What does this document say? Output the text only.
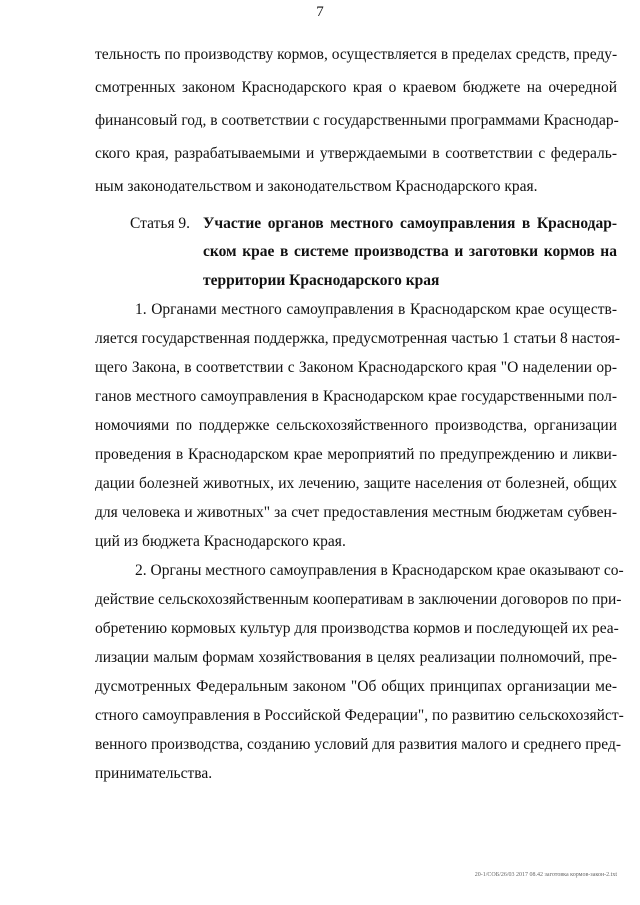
7
тельность по производству кормов, осуществляется в пределах средств, преду-
смотренных законом Краснодарского края о краевом бюджете на очередной
финансовый год, в соответствии с государственными программами Краснодар-
ского края, разрабатываемыми и утверждаемыми в соответствии с федераль-
ным законодательством и законодательством Краснодарского края.
Статья 9. Участие органов местного самоуправления в Краснодар-
ском крае в системе производства и заготовки кормов на
территории Краснодарского края
1. Органами местного самоуправления в Краснодарском крае осуществ-
ляется государственная поддержка, предусмотренная частью 1 статьи 8 настоя-
щего Закона, в соответствии с Законом Краснодарского края "О наделении ор-
ганов местного самоуправления в Краснодарском крае государственными пол-
номочиями по поддержке сельскохозяйственного производства, организации
проведения в Краснодарском крае мероприятий по предупреждению и ликви-
дации болезней животных, их лечению, защите населения от болезней, общих
для человека и животных" за счет предоставления местным бюджетам субвен-
ций из бюджета Краснодарского края.
2. Органы местного самоуправления в Краснодарском крае оказывают со-
действие сельскохозяйственным кооперативам в заключении договоров по при-
обретению кормовых культур для производства кормов и последующей их реа-
лизации малым формам хозяйствования в целях реализации полномочий, пре-
дусмотренных Федеральным законом "Об общих принципах организации ме-
стного самоуправления в Российской Федерации", по развитию сельскохозяйст-
венного производства, созданию условий для развития малого и среднего пред-
принимательства.
20-1/СОБ/26/03 2017 08.42 заготовка кормов-закон-2.txt
